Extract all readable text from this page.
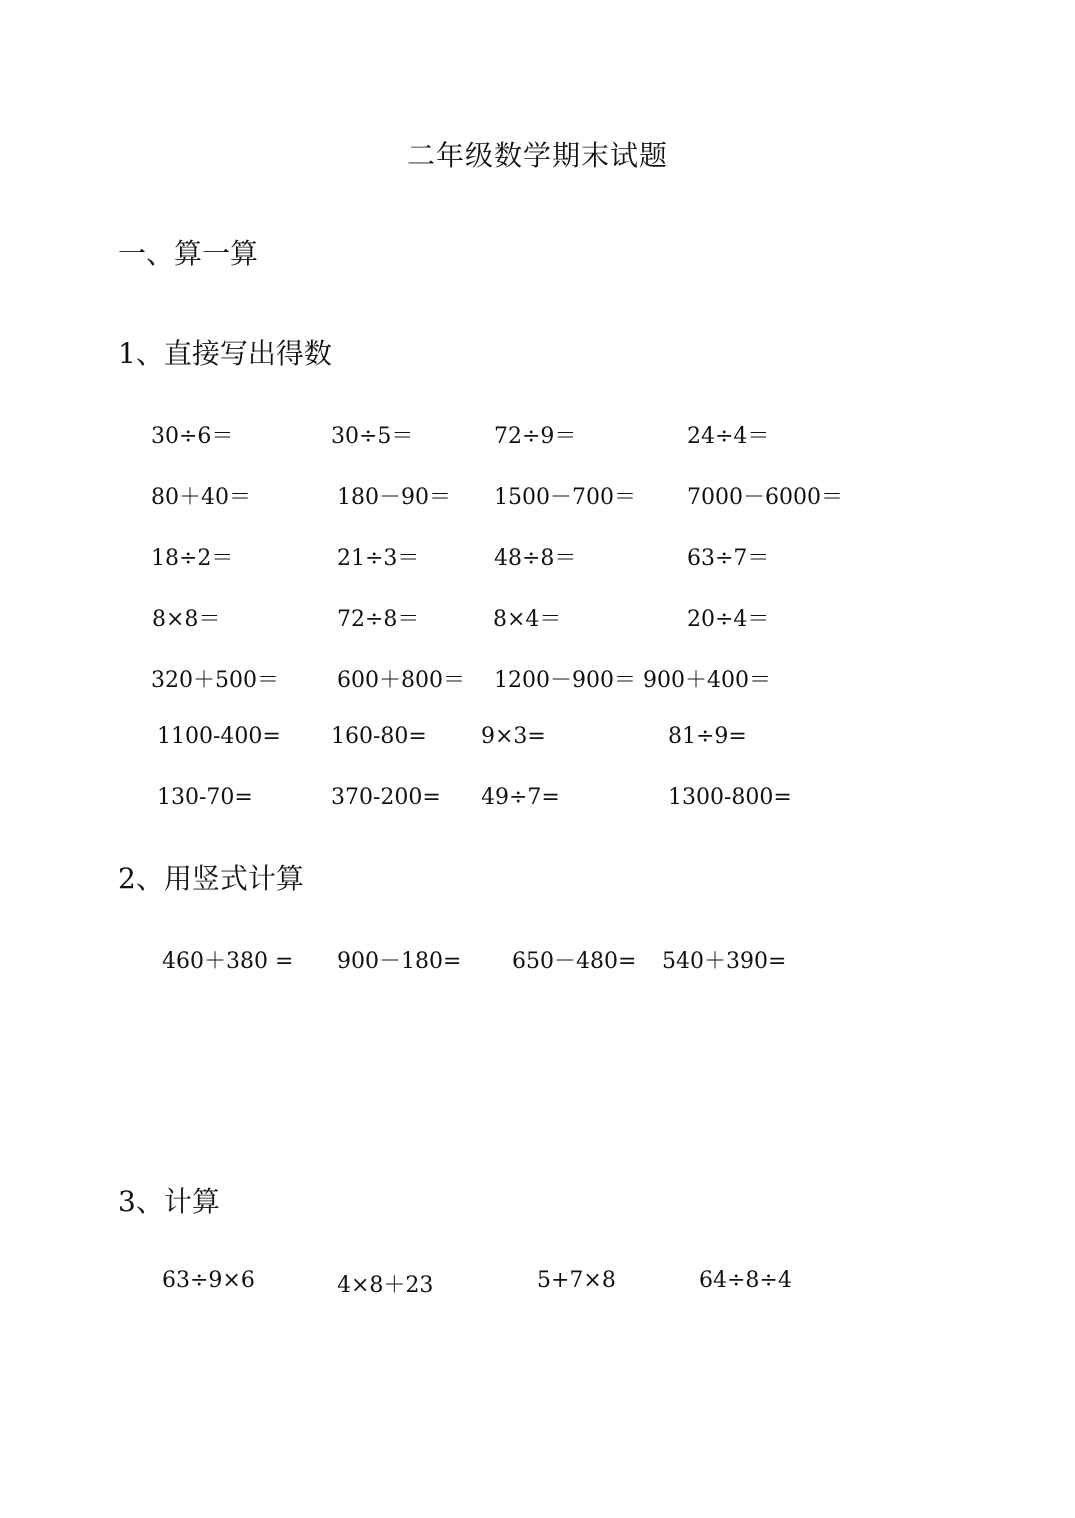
二年级数学期末试题
一、算一算
1、直接写出得数
30÷6＝	30÷5＝	72÷9＝	24÷4＝
80＋40＝	180－90＝ 1500－700＝ 7000－6000＝
18÷2＝	21÷3＝	48÷8＝	63÷7＝
8×8＝	72÷8＝	8×4＝	20÷4＝
320＋500＝	600＋800＝ 1200－900＝ 900＋400＝
1100-400= 160-80= 9×3=	81÷9=
130-70=	370-200= 49÷7=	1300-800=
2、用竖式计算
460＋380 = 900－180= 650－480= 540＋390=
3、计算
63÷9×6	4×8＋23	5+7×8	64÷8÷4
